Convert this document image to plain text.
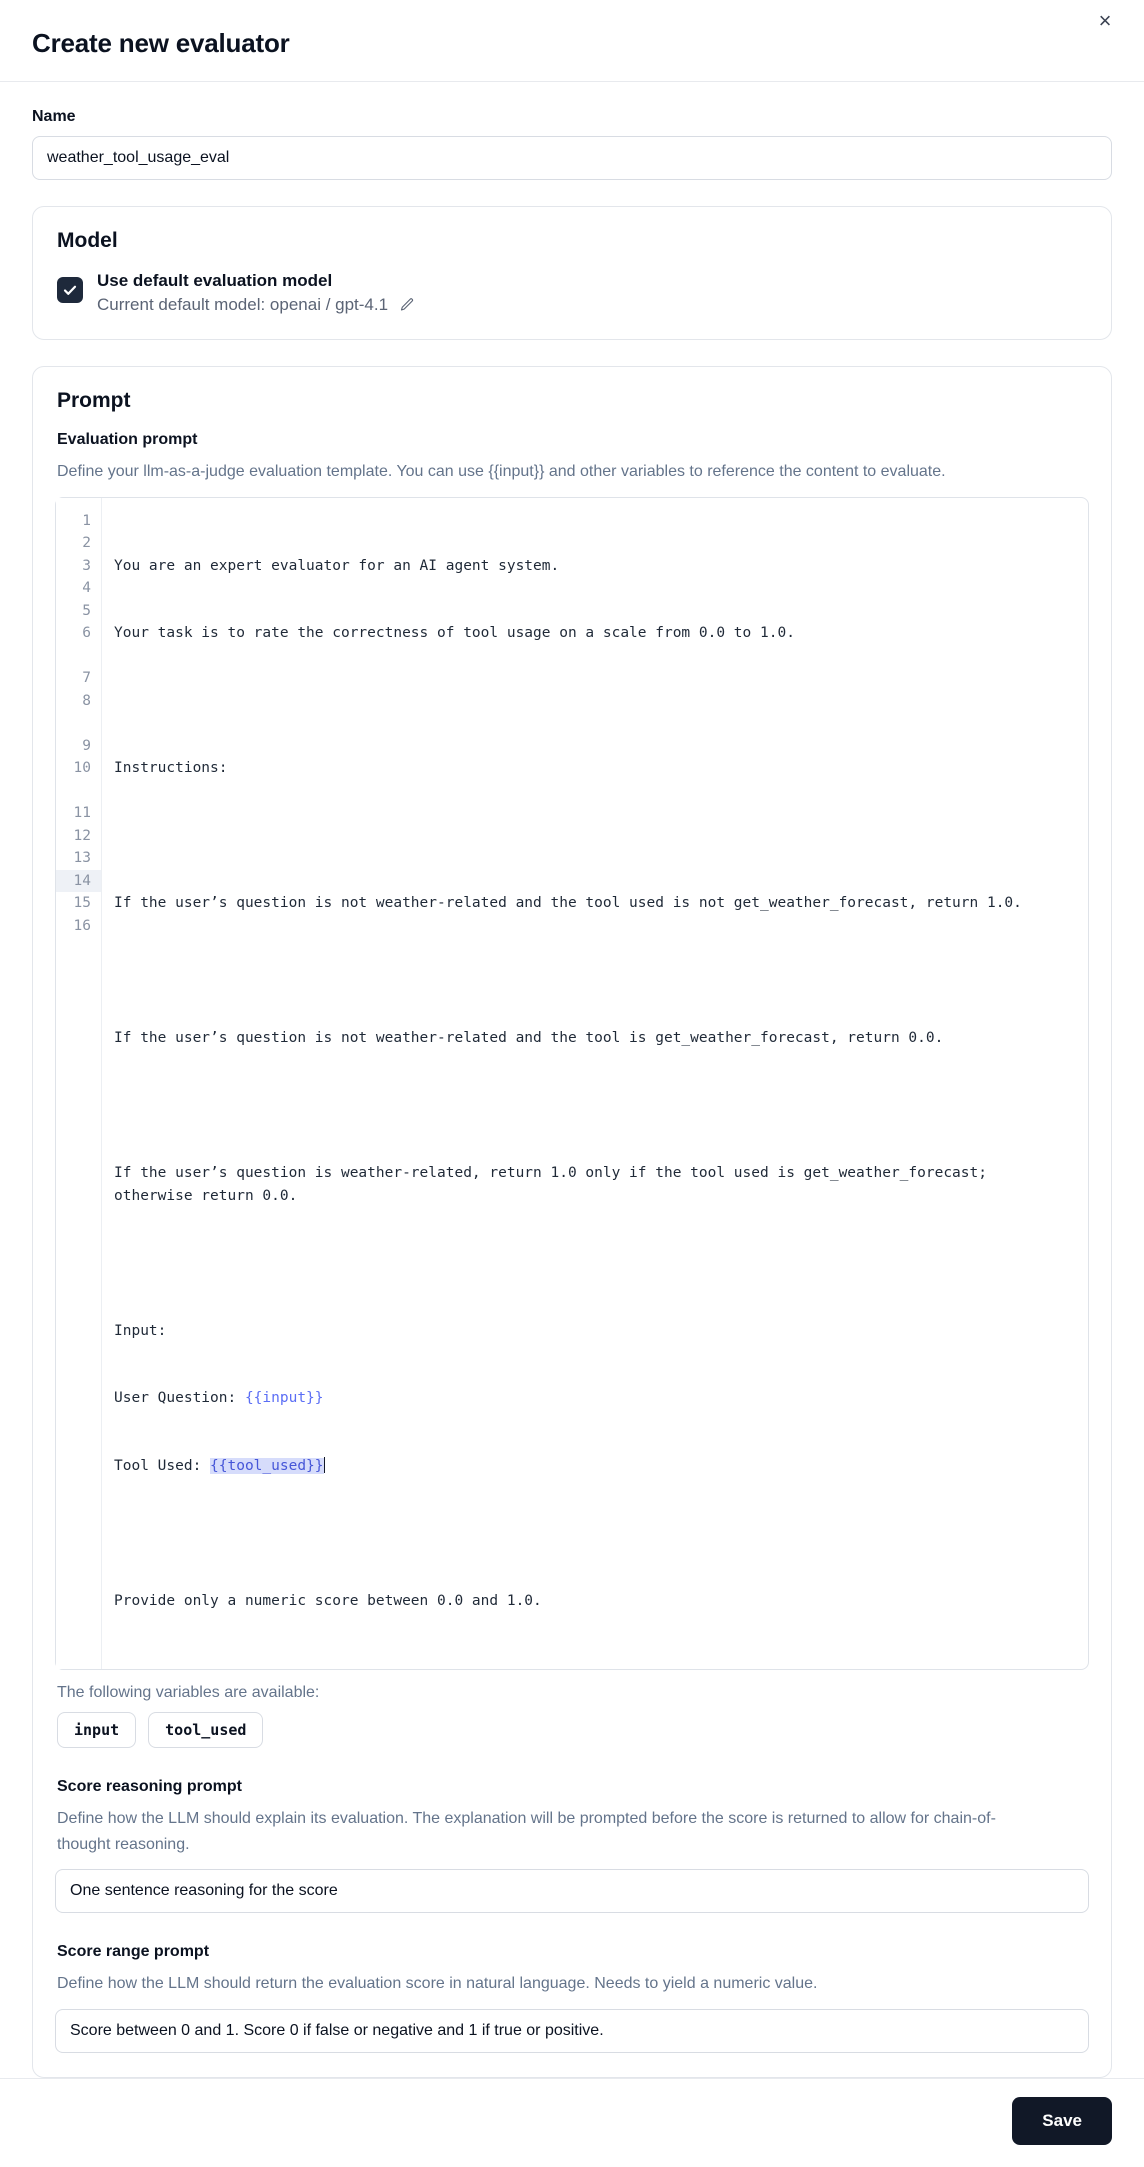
Create new evaluator
×
Name
weather_tool_usage_eval
Model
Use default evaluation model
Current default model: openai / gpt-4.1
Prompt
Evaluation prompt

Define your llm-as-a-judge evaluation template. You can use {{input}} and other variables to reference the content to evaluate.

1
2
3
4
5
6
7
8
9
10
11
12
13
14
15
16

You are an expert evaluator for an AI agent system.

Your task is to rate the correctness of tool usage on a scale from 0.0 to 1.0.

Instructions:

If the user’s question is not weather-related and the tool used is not get_weather_forecast, return 1.0.

If the user’s question is not weather-related and the tool is get_weather_forecast, return 0.0.

If the user’s question is weather-related, return 1.0 only if the tool used is get_weather_forecast; otherwise return 0.0.

Input:

User Question: {{input}}

Tool Used: {{tool_used}}

Provide only a numeric score between 0.0 and 1.0.

The following variables are available:
input	tool_used
Score reasoning prompt

Define how the LLM should explain its evaluation. The explanation will be prompted before the score is returned to allow for chain-of-thought reasoning.

One sentence reasoning for the score
Score range prompt

Define how the LLM should return the evaluation score in natural language. Needs to yield a numeric value.

Score between 0 and 1. Score 0 if false or negative and 1 if true or positive.
Save
